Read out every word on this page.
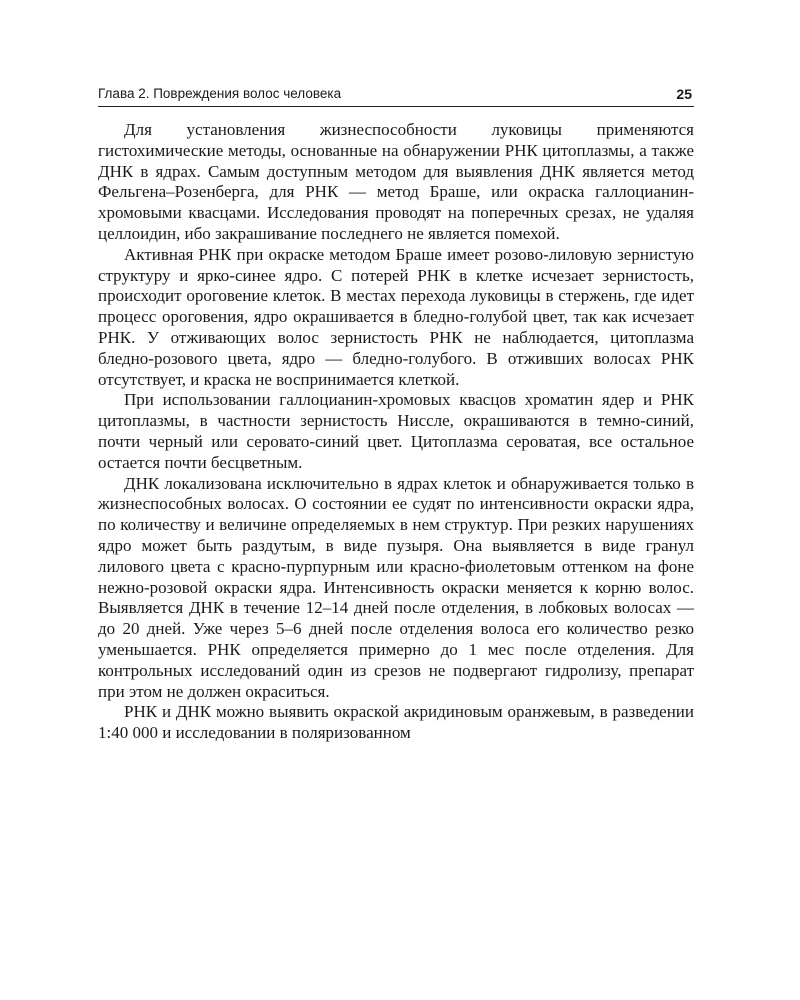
Глава 2. Повреждения волос человека	25

Для установления жизнеспособности луковицы применяются гистохимические методы, основанные на обнаружении РНК цитоплазмы, а также ДНК в ядрах. Самым доступным методом для выявления ДНК является метод Фельгена–Розенберга, для РНК — метод Браше, или окраска галлоцианин-хромовыми квасцами. Исследования проводят на поперечных срезах, не удаляя целлоидин, ибо закрашивание последнего не является помехой.

Активная РНК при окраске методом Браше имеет розово-лиловую зернистую структуру и ярко-синее ядро. С потерей РНК в клетке исчезает зернистость, происходит ороговение клеток. В местах перехода луковицы в стержень, где идет процесс ороговения, ядро окрашивается в бледно-голубой цвет, так как исчезает РНК. У отживающих волос зернистость РНК не наблюдается, цитоплазма бледно-розового цвета, ядро — бледно-голубого. В отживших волосах РНК отсутствует, и краска не воспринимается клеткой.

При использовании галлоцианин-хромовых квасцов хроматин ядер и РНК цитоплазмы, в частности зернистость Ниссле, окрашиваются в темно-синий, почти черный или серовато-синий цвет. Цитоплазма сероватая, все остальное остается почти бесцветным.

ДНК локализована исключительно в ядрах клеток и обнаруживается только в жизнеспособных волосах. О состоянии ее судят по интенсивности окраски ядра, по количеству и величине определяемых в нем структур. При резких нарушениях ядро может быть раздутым, в виде пузыря. Она выявляется в виде гранул лилового цвета с красно-пурпурным или красно-фиолетовым оттенком на фоне нежно-розовой окраски ядра. Интенсивность окраски меняется к корню волос. Выявляется ДНК в течение 12–14 дней после отделения, в лобковых волосах — до 20 дней. Уже через 5–6 дней после отделения волоса его количество резко уменьшается. РНК определяется примерно до 1 мес после отделения. Для контрольных исследований один из срезов не подвергают гидролизу, препарат при этом не должен окраситься.

РНК и ДНК можно выявить окраской акридиновым оранжевым, в разведении 1:40 000 и исследовании в поляризованном
